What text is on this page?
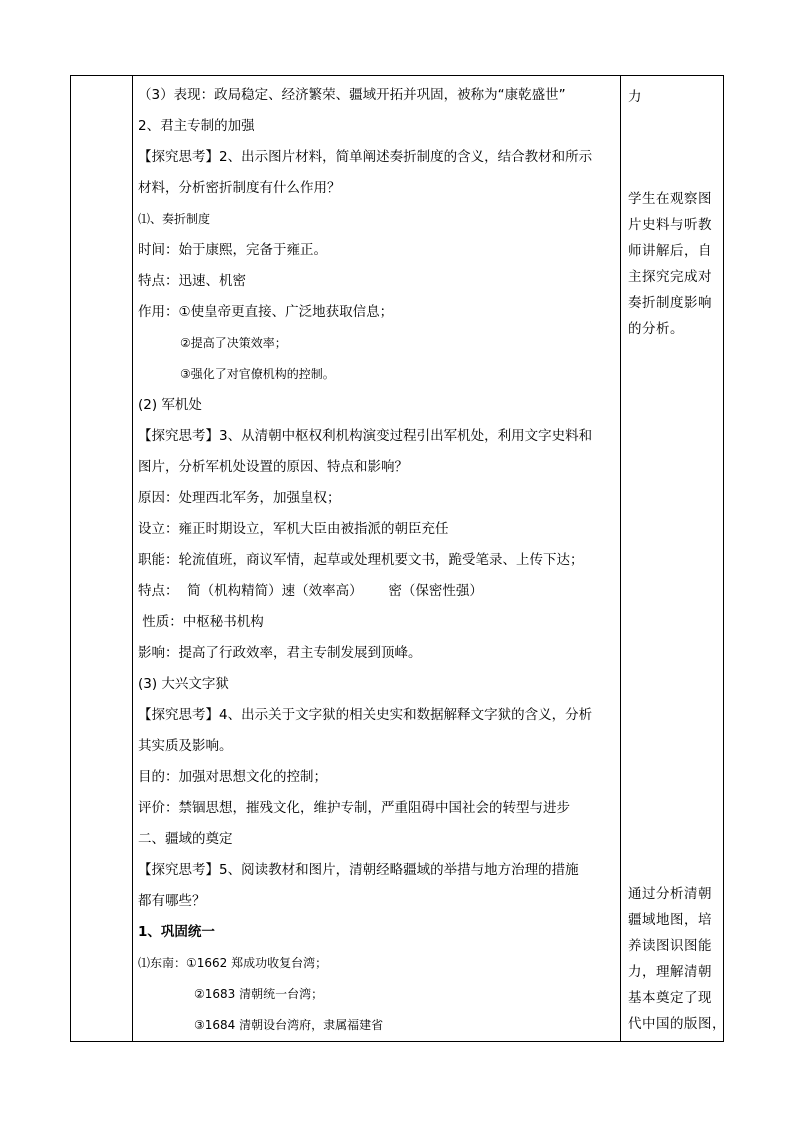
（3）表现：政局稳定、经济繁荣、疆域开拓并巩固，被称为“康乾盛世”
2、君主专制的加强
【探究思考】2、出示图片材料，简单阐述奏折制度的含义，结合教材和所示
材料，分析密折制度有什么作用？
⑴、奏折制度
时间：始于康熙，完备于雍正。
特点：迅速、机密
作用：①使皇帝更直接、广泛地获取信息；
②提高了决策效率；
③强化了对官僚机构的控制。
(2) 军机处
【探究思考】3、从清朝中枢权利机构演变过程引出军机处，利用文字史料和
图片，分析军机处设置的原因、特点和影响？
原因：处理西北军务，加强皇权；
设立：雍正时期设立，军机大臣由被指派的朝臣充任
职能：轮流值班，商议军情，起草或处理机要文书，跪受笔录、上传下达；
特点：  简（机构精简）速（效率高）      密（保密性强）
性质：中枢秘书机构
影响：提高了行政效率，君主专制发展到顶峰。
(3) 大兴文字狱
【探究思考】4、出示关于文字狱的相关史实和数据解释文字狱的含义，分析
其实质及影响。
目的：加强对思想文化的控制；
评价：禁锢思想，摧残文化，维护专制，严重阻碍中国社会的转型与进步
二、疆域的奠定
【探究思考】5、阅读教材和图片，清朝经略疆域的举措与地方治理的措施
都有哪些？
1、巩固统一
⑴东南：①1662 郑成功收复台湾；
②1683 清朝统一台湾；
③1684 清朝设台湾府，隶属福建省
力
学生在观察图
片史料与听教
师讲解后，自
主探究完成对
奏折制度影响
的分析。
通过分析清朝
疆域地图，培
养读图识图能
力，理解清朝
基本奠定了现
代中国的版图，
